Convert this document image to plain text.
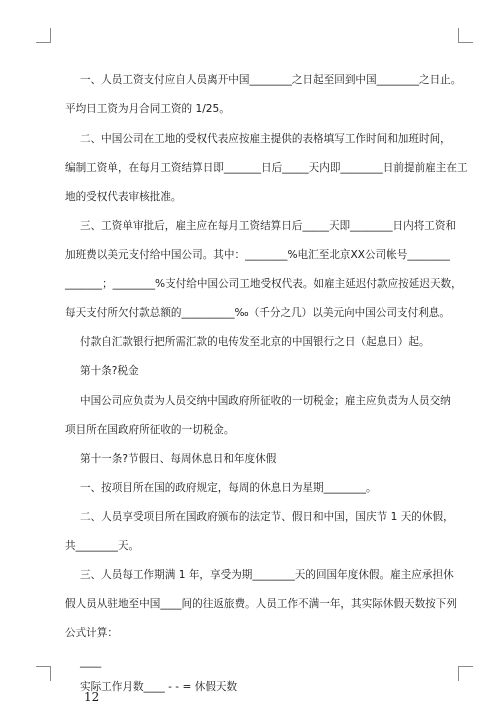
一、人员工资支付应自人员离开中国________之日起至回到中国________之日止。
平均日工资为月合同工资的 1/25。
二、中国公司在工地的受权代表应按雇主提供的表格填写工作时间和加班时间，
编制工资单，在每月工资结算日即_______日后_____天内即________日前提前雇主在工
地的受权代表审核批准。
三、工资单审批后，雇主应在每月工资结算日后_____天即________日内将工资和
加班费以美元支付给中国公司。其中：________%电汇至北京XX公司帐号________
_______；________%支付给中国公司工地受权代表。如雇主延迟付款应按延迟天数，
每天支付所欠付款总额的__________‰（千分之几）以美元向中国公司支付利息。
付款自汇款银行把所需汇款的电传发至北京的中国银行之日（起息日）起。
第十条?税金
中国公司应负责为人员交纳中国政府所征收的一切税金；雇主应负责为人员交纳
项目所在国政府所征收的一切税金。
第十一条?节假日、每周休息日和年度休假
一、按项目所在国的政府规定，每周的休息日为星期________。
二、人员享受项目所在国政府颁布的法定节、假日和中国，国庆节 1 天的休假，
共________天。
三、人员每工作期满 1 年，享受为期________天的回国年度休假。雇主应承担休
假人员从驻地至中国____间的往返旅费。人员工作不满一年，其实际休假天数按下列
公式计算：
____
实际工作月数____ - - = 休假天数
12
